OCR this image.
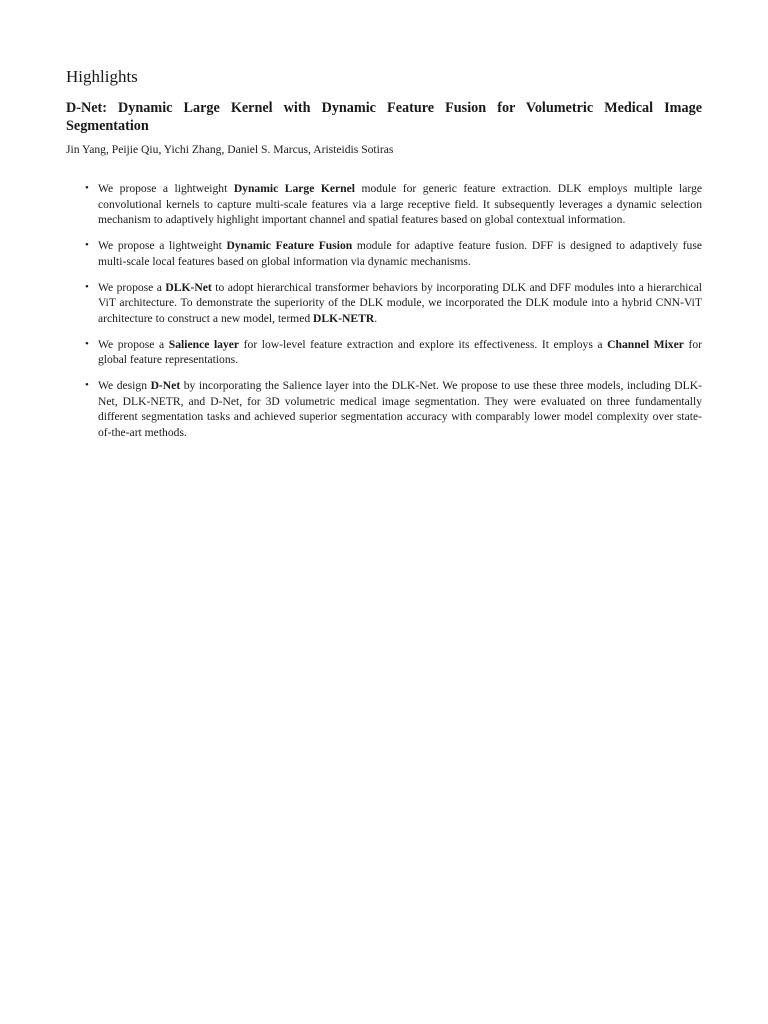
Highlights
D-Net: Dynamic Large Kernel with Dynamic Feature Fusion for Volumetric Medical Image Segmentation

Jin Yang, Peijie Qiu, Yichi Zhang, Daniel S. Marcus, Aristeidis Sotiras

• We propose a lightweight Dynamic Large Kernel module for generic feature extraction. DLK employs multiple large convolutional kernels to capture multi-scale features via a large receptive field. It subsequently leverages a dynamic selection mechanism to adaptively highlight important channel and spatial features based on global contextual information.
• We propose a lightweight Dynamic Feature Fusion module for adaptive feature fusion. DFF is designed to adaptively fuse multi-scale local features based on global information via dynamic mechanisms.
• We propose a DLK-Net to adopt hierarchical transformer behaviors by incorporating DLK and DFF modules into a hierarchical ViT architecture. To demonstrate the superiority of the DLK module, we incorporated the DLK module into a hybrid CNN-ViT architecture to construct a new model, termed DLK-NETR.
• We propose a Salience layer for low-level feature extraction and explore its effectiveness. It employs a Channel Mixer for global feature representations.
• We design D-Net by incorporating the Salience layer into the DLK-Net. We propose to use these three models, including DLK-Net, DLK-NETR, and D-Net, for 3D volumetric medical image segmentation. They were evaluated on three fundamentally different segmentation tasks and achieved superior segmentation accuracy with comparably lower model complexity over state-of-the-art methods.
